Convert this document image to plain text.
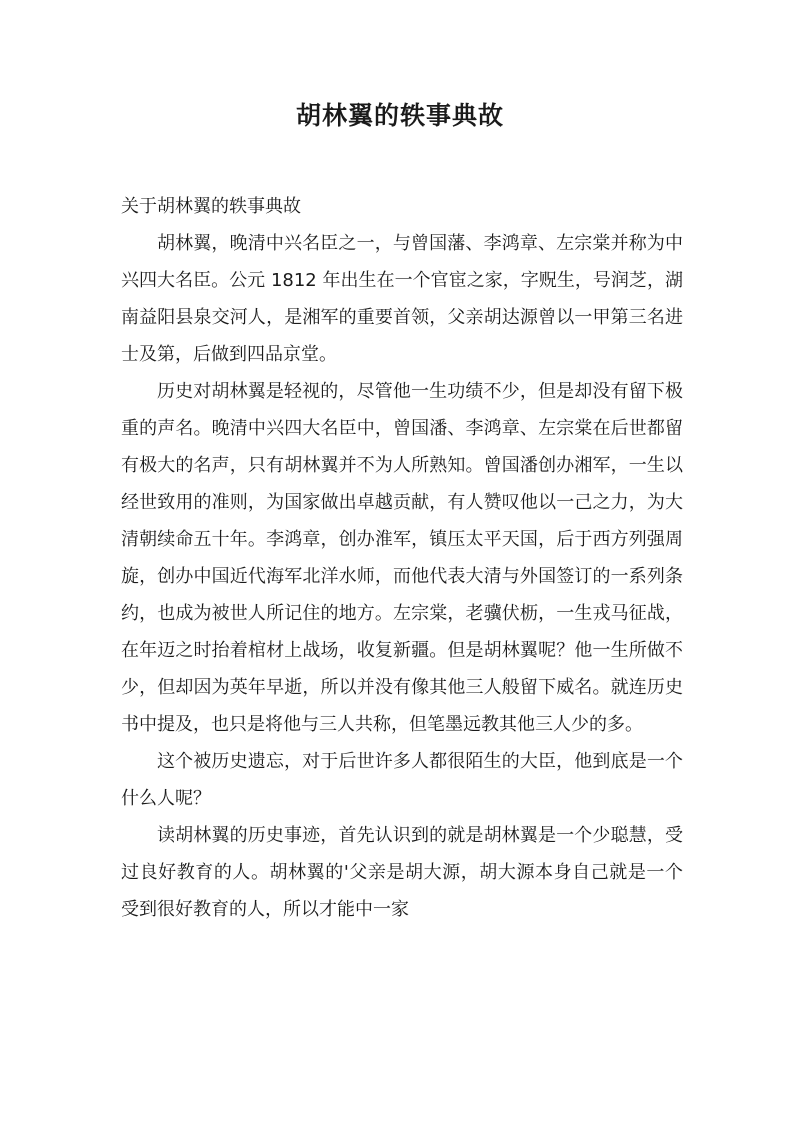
胡林翼的轶事典故

关于胡林翼的轶事典故

胡林翼，晚清中兴名臣之一，与曾国藩、李鸿章、左宗棠并称为中兴四大名臣。公元 1812 年出生在一个官宦之家，字贶生，号润芝，湖南益阳县泉交河人，是湘军的重要首领，父亲胡达源曾以一甲第三名进士及第，后做到四品京堂。

历史对胡林翼是轻视的，尽管他一生功绩不少，但是却没有留下极重的声名。晚清中兴四大名臣中，曾国潘、李鸿章、左宗棠在后世都留有极大的名声，只有胡林翼并不为人所熟知。曾国潘创办湘军，一生以经世致用的准则，为国家做出卓越贡献，有人赞叹他以一己之力，为大清朝续命五十年。李鸿章，创办淮军，镇压太平天国，后于西方列强周旋，创办中国近代海军北洋水师，而他代表大清与外国签订的一系列条约，也成为被世人所记住的地方。左宗棠，老骥伏枥，一生戎马征战，在年迈之时抬着棺材上战场，收复新疆。但是胡林翼呢？他一生所做不少，但却因为英年早逝，所以并没有像其他三人般留下威名。就连历史书中提及，也只是将他与三人共称，但笔墨远教其他三人少的多。

这个被历史遗忘，对于后世许多人都很陌生的大臣，他到底是一个什么人呢？

读胡林翼的历史事迹，首先认识到的就是胡林翼是一个少聪慧，受过良好教育的人。胡林翼的'父亲是胡大源，胡大源本身自己就是一个受到很好教育的人，所以才能中一家
